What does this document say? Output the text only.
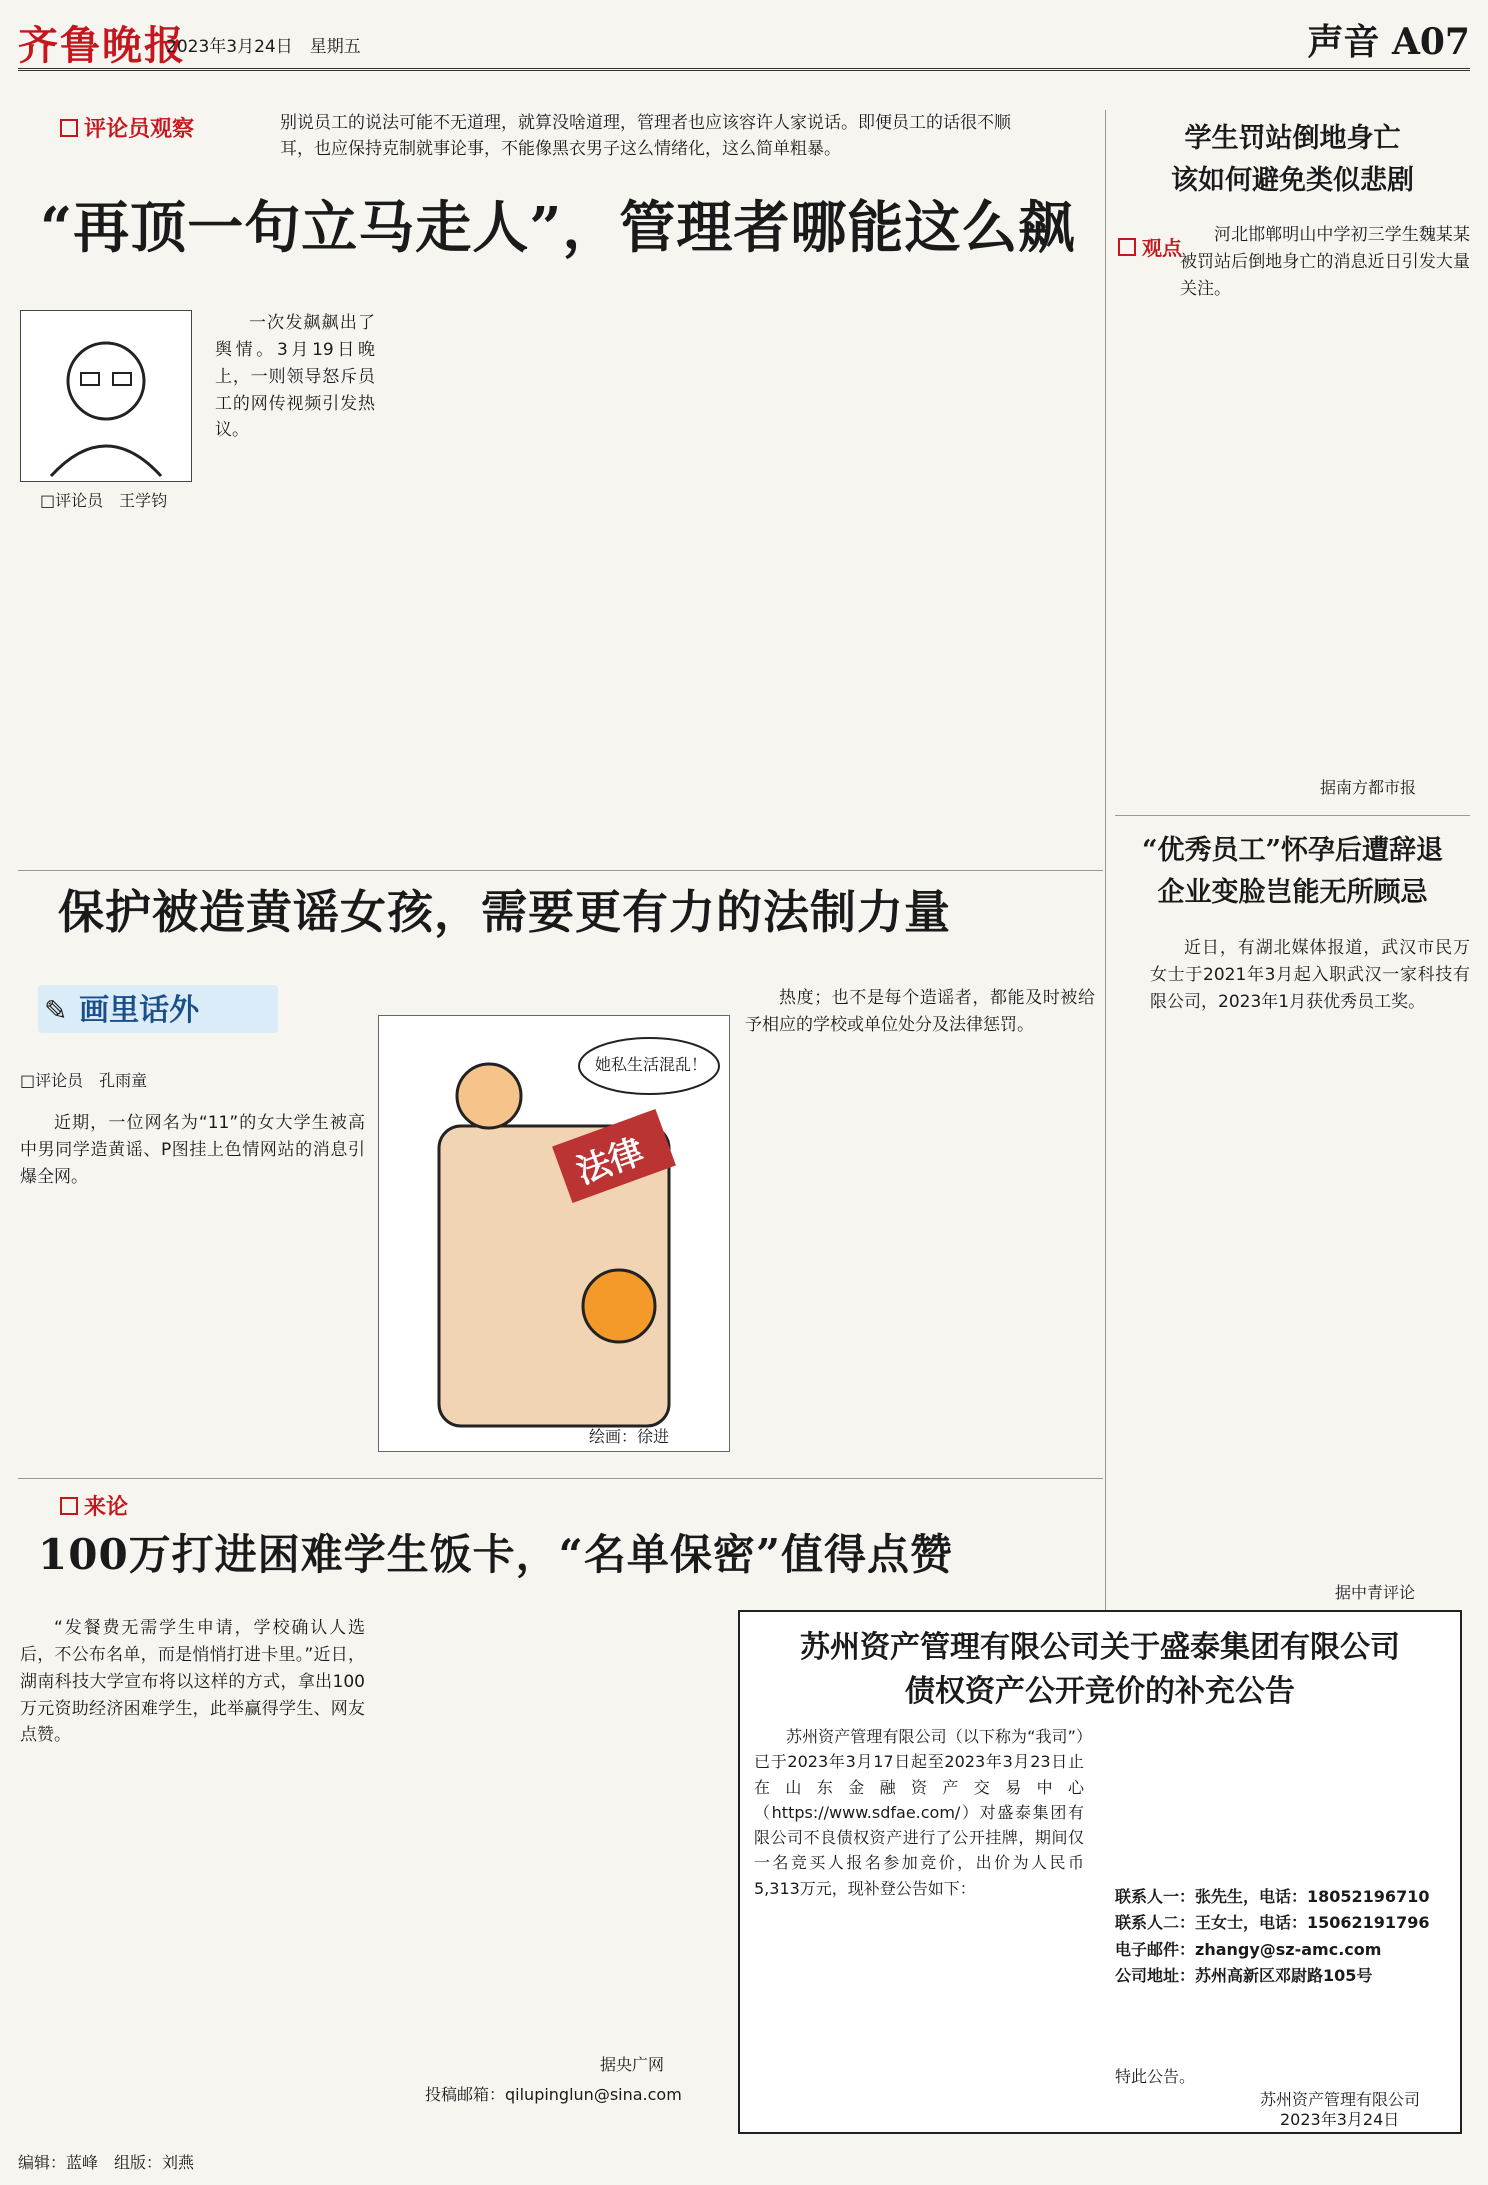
齐鲁晚报
2023年3月24日　星期五	声音 A07
评论员观察	别说员工的说法可能不无道理，就算没啥道理，管理者也应该容许人家说话。即便员工的话很不顺耳，也应保持克制就事论事，不能像黑衣男子这么情绪化，这么简单粗暴。
“再顶一句立马走人”，管理者哪能这么飙
□评论员　王学钧
一次发飙飙出了舆情。3月19日晚上，一则领导怒斥员工的网传视频引发热议。
学生罚站倒地身亡
该如何避免类似悲剧
观点
河北邯郸明山中学初三学生魏某某被罚站后倒地身亡的消息近日引发大量关注。
据南方都市报
“优秀员工”怀孕后遭辞退
企业变脸岂能无所顾忌
近日，有湖北媒体报道，武汉市民万女士于2021年3月起入职武汉一家科技有限公司，2023年1月获优秀员工奖。
据中青评论
保护被造黄谣女孩，需要更有力的法制力量
✎ 画里话外
□评论员　孔雨童
近期，一位网名为“11”的女大学生被高中男同学造黄谣、P图挂上色情网站的消息引爆全网。	法律
她私生活混乱！
绘画：徐进
热度；也不是每个造谣者，都能及时被给予相应的学校或单位处分及法律惩罚。
来论
100万打进困难学生饭卡，“名单保密”值得点赞
“发餐费无需学生申请，学校确认人选后，不公布名单，而是悄悄打进卡里。”近日，湖南科技大学宣布将以这样的方式，拿出100万元资助经济困难学生，此举赢得学生、网友点赞。
据央广网
投稿邮箱：qilupinglun@sina.com
苏州资产管理有限公司关于盛泰集团有限公司
债权资产公开竞价的补充公告
苏州资产管理有限公司（以下称为“我司”）已于2023年3月17日起至2023年3月23日止在山东金融资产交易中心（https://www.sdfae.com/）对盛泰集团有限公司不良债权资产进行了公开挂牌，期间仅一名竞买人报名参加竞价，出价为人民币5,313万元，现补登公告如下：	联系人一：张先生，电话：18052196710
联系人二：王女士，电话：15062191796
电子邮件：zhangy@sz-amc.com
公司地址：苏州高新区邓尉路105号
特此公告。
苏州资产管理有限公司
2023年3月24日
编辑：蓝峰　组版：刘燕
